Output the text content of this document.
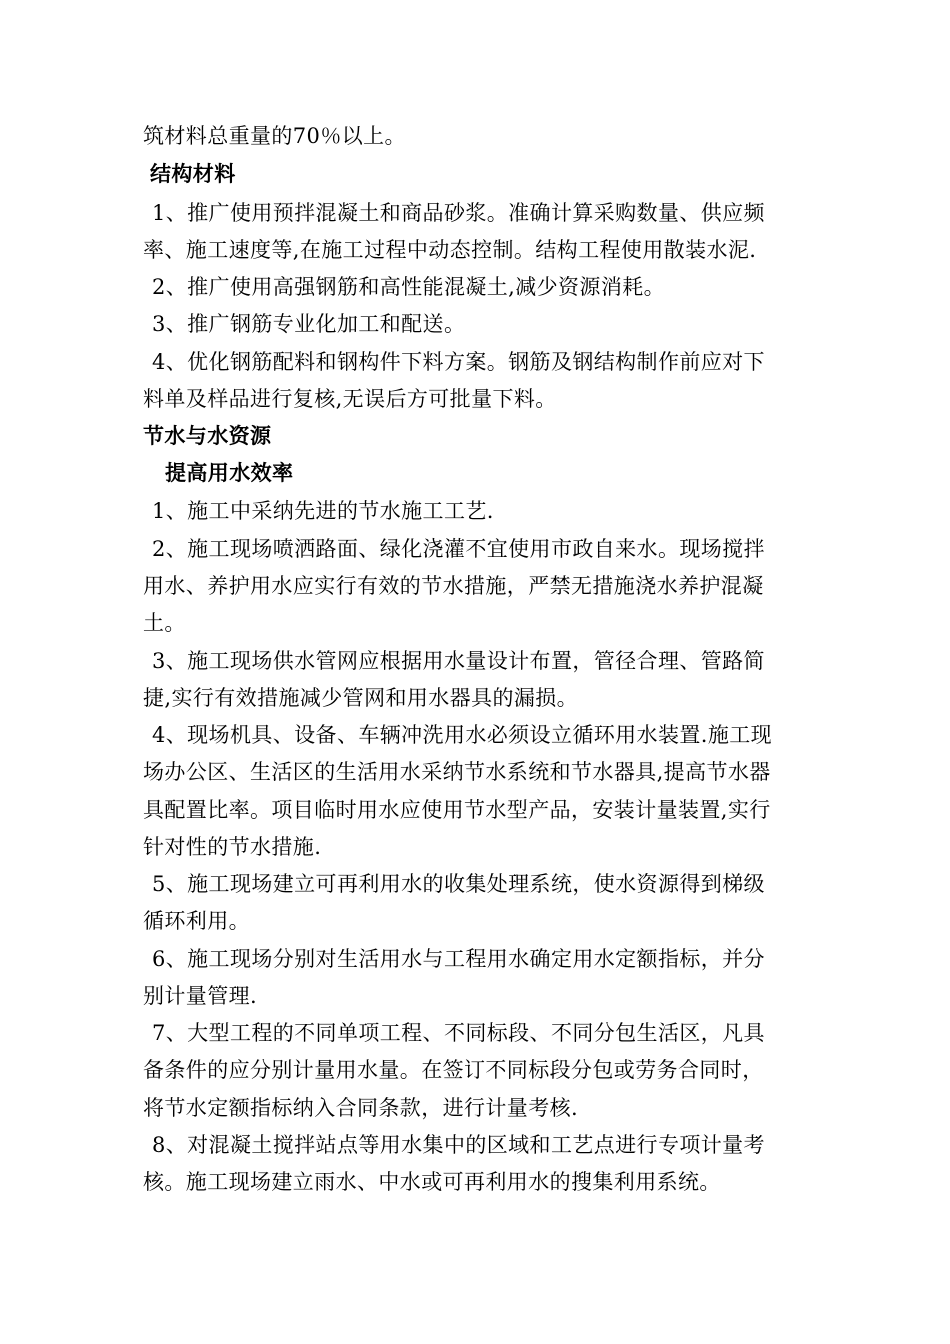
筑材料总重量的70％以上。
结构材料
1、推广使用预拌混凝土和商品砂浆。准确计算采购数量、供应频
率、施工速度等,在施工过程中动态控制。结构工程使用散装水泥.
2、推广使用高强钢筋和高性能混凝土,减少资源消耗。
3、推广钢筋专业化加工和配送。
4、优化钢筋配料和钢构件下料方案。钢筋及钢结构制作前应对下
料单及样品进行复核,无误后方可批量下料。
节水与水资源
提高用水效率
1、施工中采纳先进的节水施工工艺.
2、施工现场喷洒路面、绿化浇灌不宜使用市政自来水。现场搅拌
用水、养护用水应实行有效的节水措施，严禁无措施浇水养护混凝
土。
3、施工现场供水管网应根据用水量设计布置，管径合理、管路简
捷,实行有效措施减少管网和用水器具的漏损。
4、现场机具、设备、车辆冲洗用水必须设立循环用水装置.施工现
场办公区、生活区的生活用水采纳节水系统和节水器具,提高节水器
具配置比率。项目临时用水应使用节水型产品，安装计量装置,实行
针对性的节水措施.
5、施工现场建立可再利用水的收集处理系统，使水资源得到梯级
循环利用。
6、施工现场分别对生活用水与工程用水确定用水定额指标，并分
别计量管理.
7、大型工程的不同单项工程、不同标段、不同分包生活区，凡具
备条件的应分别计量用水量。在签订不同标段分包或劳务合同时，
将节水定额指标纳入合同条款，进行计量考核.
8、对混凝土搅拌站点等用水集中的区域和工艺点进行专项计量考
核。施工现场建立雨水、中水或可再利用水的搜集利用系统。
